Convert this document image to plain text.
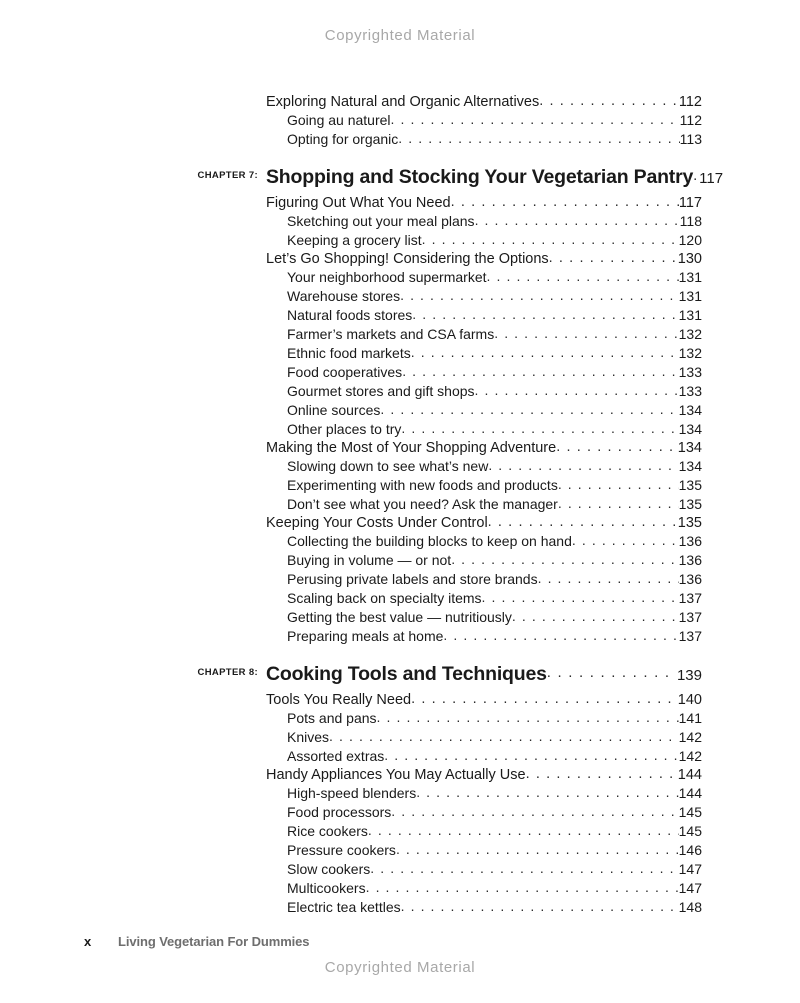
Copyrighted Material
Exploring Natural and Organic Alternatives . . .	112
Going au naturel . . .	112
Opting for organic . . .	113
CHAPTER 7: Shopping and Stocking Your Vegetarian Pantry . . . 117
Figuring Out What You Need . . .	117
Sketching out your meal plans . . .	118
Keeping a grocery list . . .	120
Let’s Go Shopping! Considering the Options . . .	130
Your neighborhood supermarket . . .	131
Warehouse stores . . .	131
Natural foods stores . . .	131
Farmer’s markets and CSA farms . . .	132
Ethnic food markets . . .	132
Food cooperatives . . .	133
Gourmet stores and gift shops . . .	133
Online sources . . .	134
Other places to try . . .	134
Making the Most of Your Shopping Adventure . . .	134
Slowing down to see what’s new . . .	134
Experimenting with new foods and products . . .	135
Don’t see what you need? Ask the manager . . .	135
Keeping Your Costs Under Control . . .	135
Collecting the building blocks to keep on hand . . .	136
Buying in volume — or not . . .	136
Perusing private labels and store brands . . .	136
Scaling back on specialty items . . .	137
Getting the best value — nutritiously . . .	137
Preparing meals at home . . .	137
CHAPTER 8: Cooking Tools and Techniques . . .	139
Tools You Really Need . . .	140
Pots and pans . . .	141
Knives . . .	142
Assorted extras . . .	142
Handy Appliances You May Actually Use . . .	144
High-speed blenders . . .	144
Food processors . . .	145
Rice cookers . . .	145
Pressure cookers . . .	146
Slow cookers . . .	147
Multicookers . . .	147
Electric tea kettles . . .	148
x	Living Vegetarian For Dummies
Copyrighted Material
